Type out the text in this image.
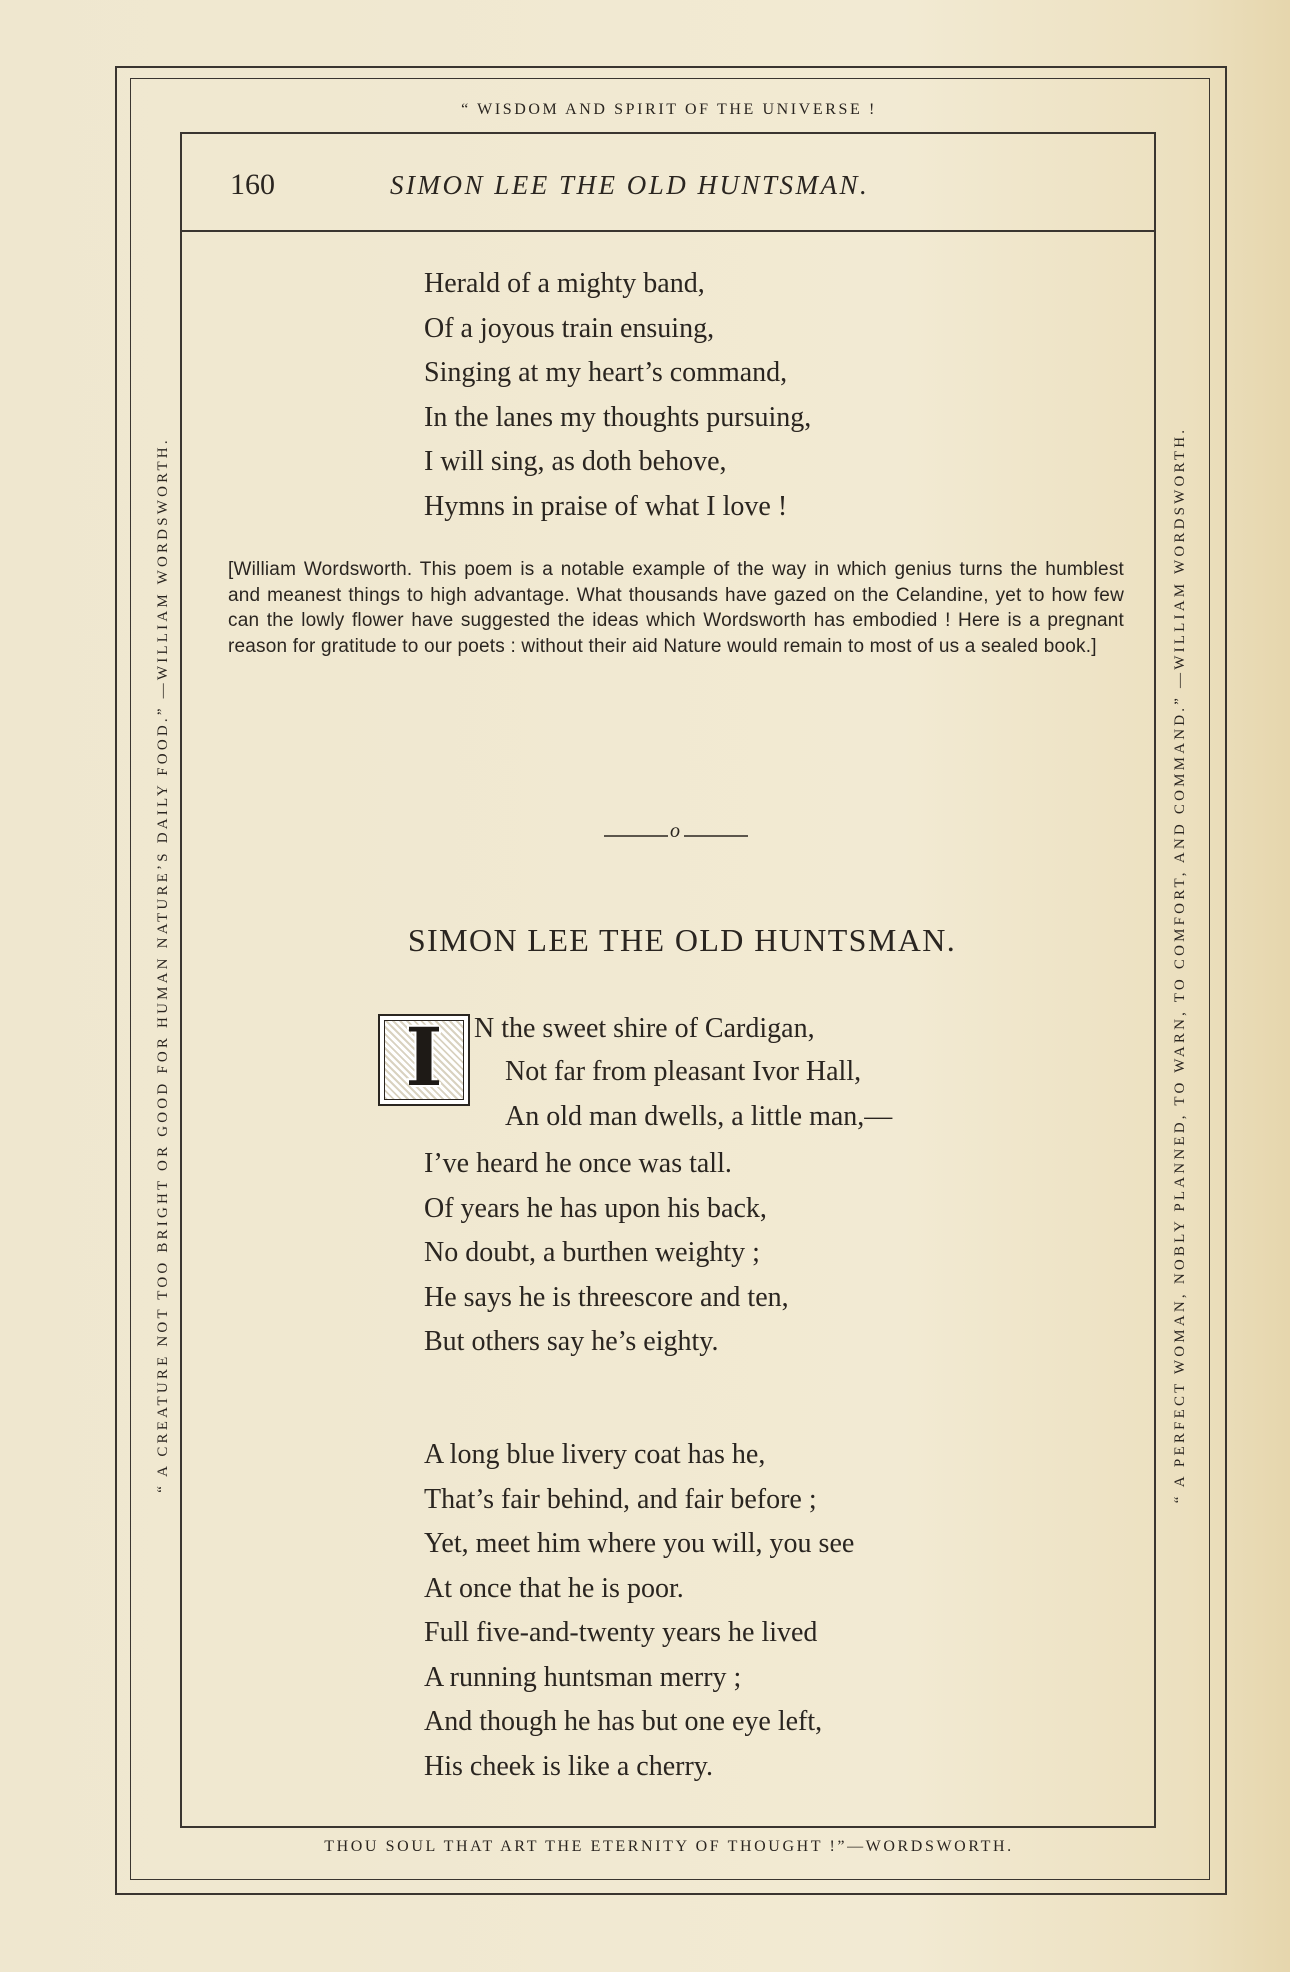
“ WISDOM AND SPIRIT OF THE UNIVERSE !
THOU SOUL THAT ART THE ETERNITY OF THOUGHT !”—WORDSWORTH.
“ A CREATURE NOT TOO BRIGHT OR GOOD FOR HUMAN NATURE’S DAILY FOOD.” —WILLIAM WORDSWORTH.	“ A PERFECT WOMAN, NOBLY PLANNED, TO WARN, TO COMFORT, AND COMMAND.” —WILLIAM WORDSWORTH.
160	SIMON LEE THE OLD HUNTSMAN.
Herald of a mighty band,
Of a joyous train ensuing,
Singing at my heart’s command,
In the lanes my thoughts pursuing,
I will sing, as doth behove,
Hymns in praise of what I love !
[William Wordsworth. This poem is a notable example of the way in which genius turns the humblest and meanest things to high advantage. What thousands have gazed on the Celandine, yet to how few can the lowly flower have suggested the ideas which Wordsworth has embodied ! Here is a pregnant reason for gratitude to our poets : without their aid Nature would remain to most of us a sealed book.]
o
SIMON LEE THE OLD HUNTSMAN.
I	N the sweet shire of Cardigan,
Not far from pleasant Ivor Hall,
An old man dwells, a little man,—
I’ve heard he once was tall.
Of years he has upon his back,
No doubt, a burthen weighty ;
He says he is threescore and ten,
But others say he’s eighty.
A long blue livery coat has he,
That’s fair behind, and fair before ;
Yet, meet him where you will, you see
At once that he is poor.
Full five-and-twenty years he lived
A running huntsman merry ;
And though he has but one eye left,
His cheek is like a cherry.
